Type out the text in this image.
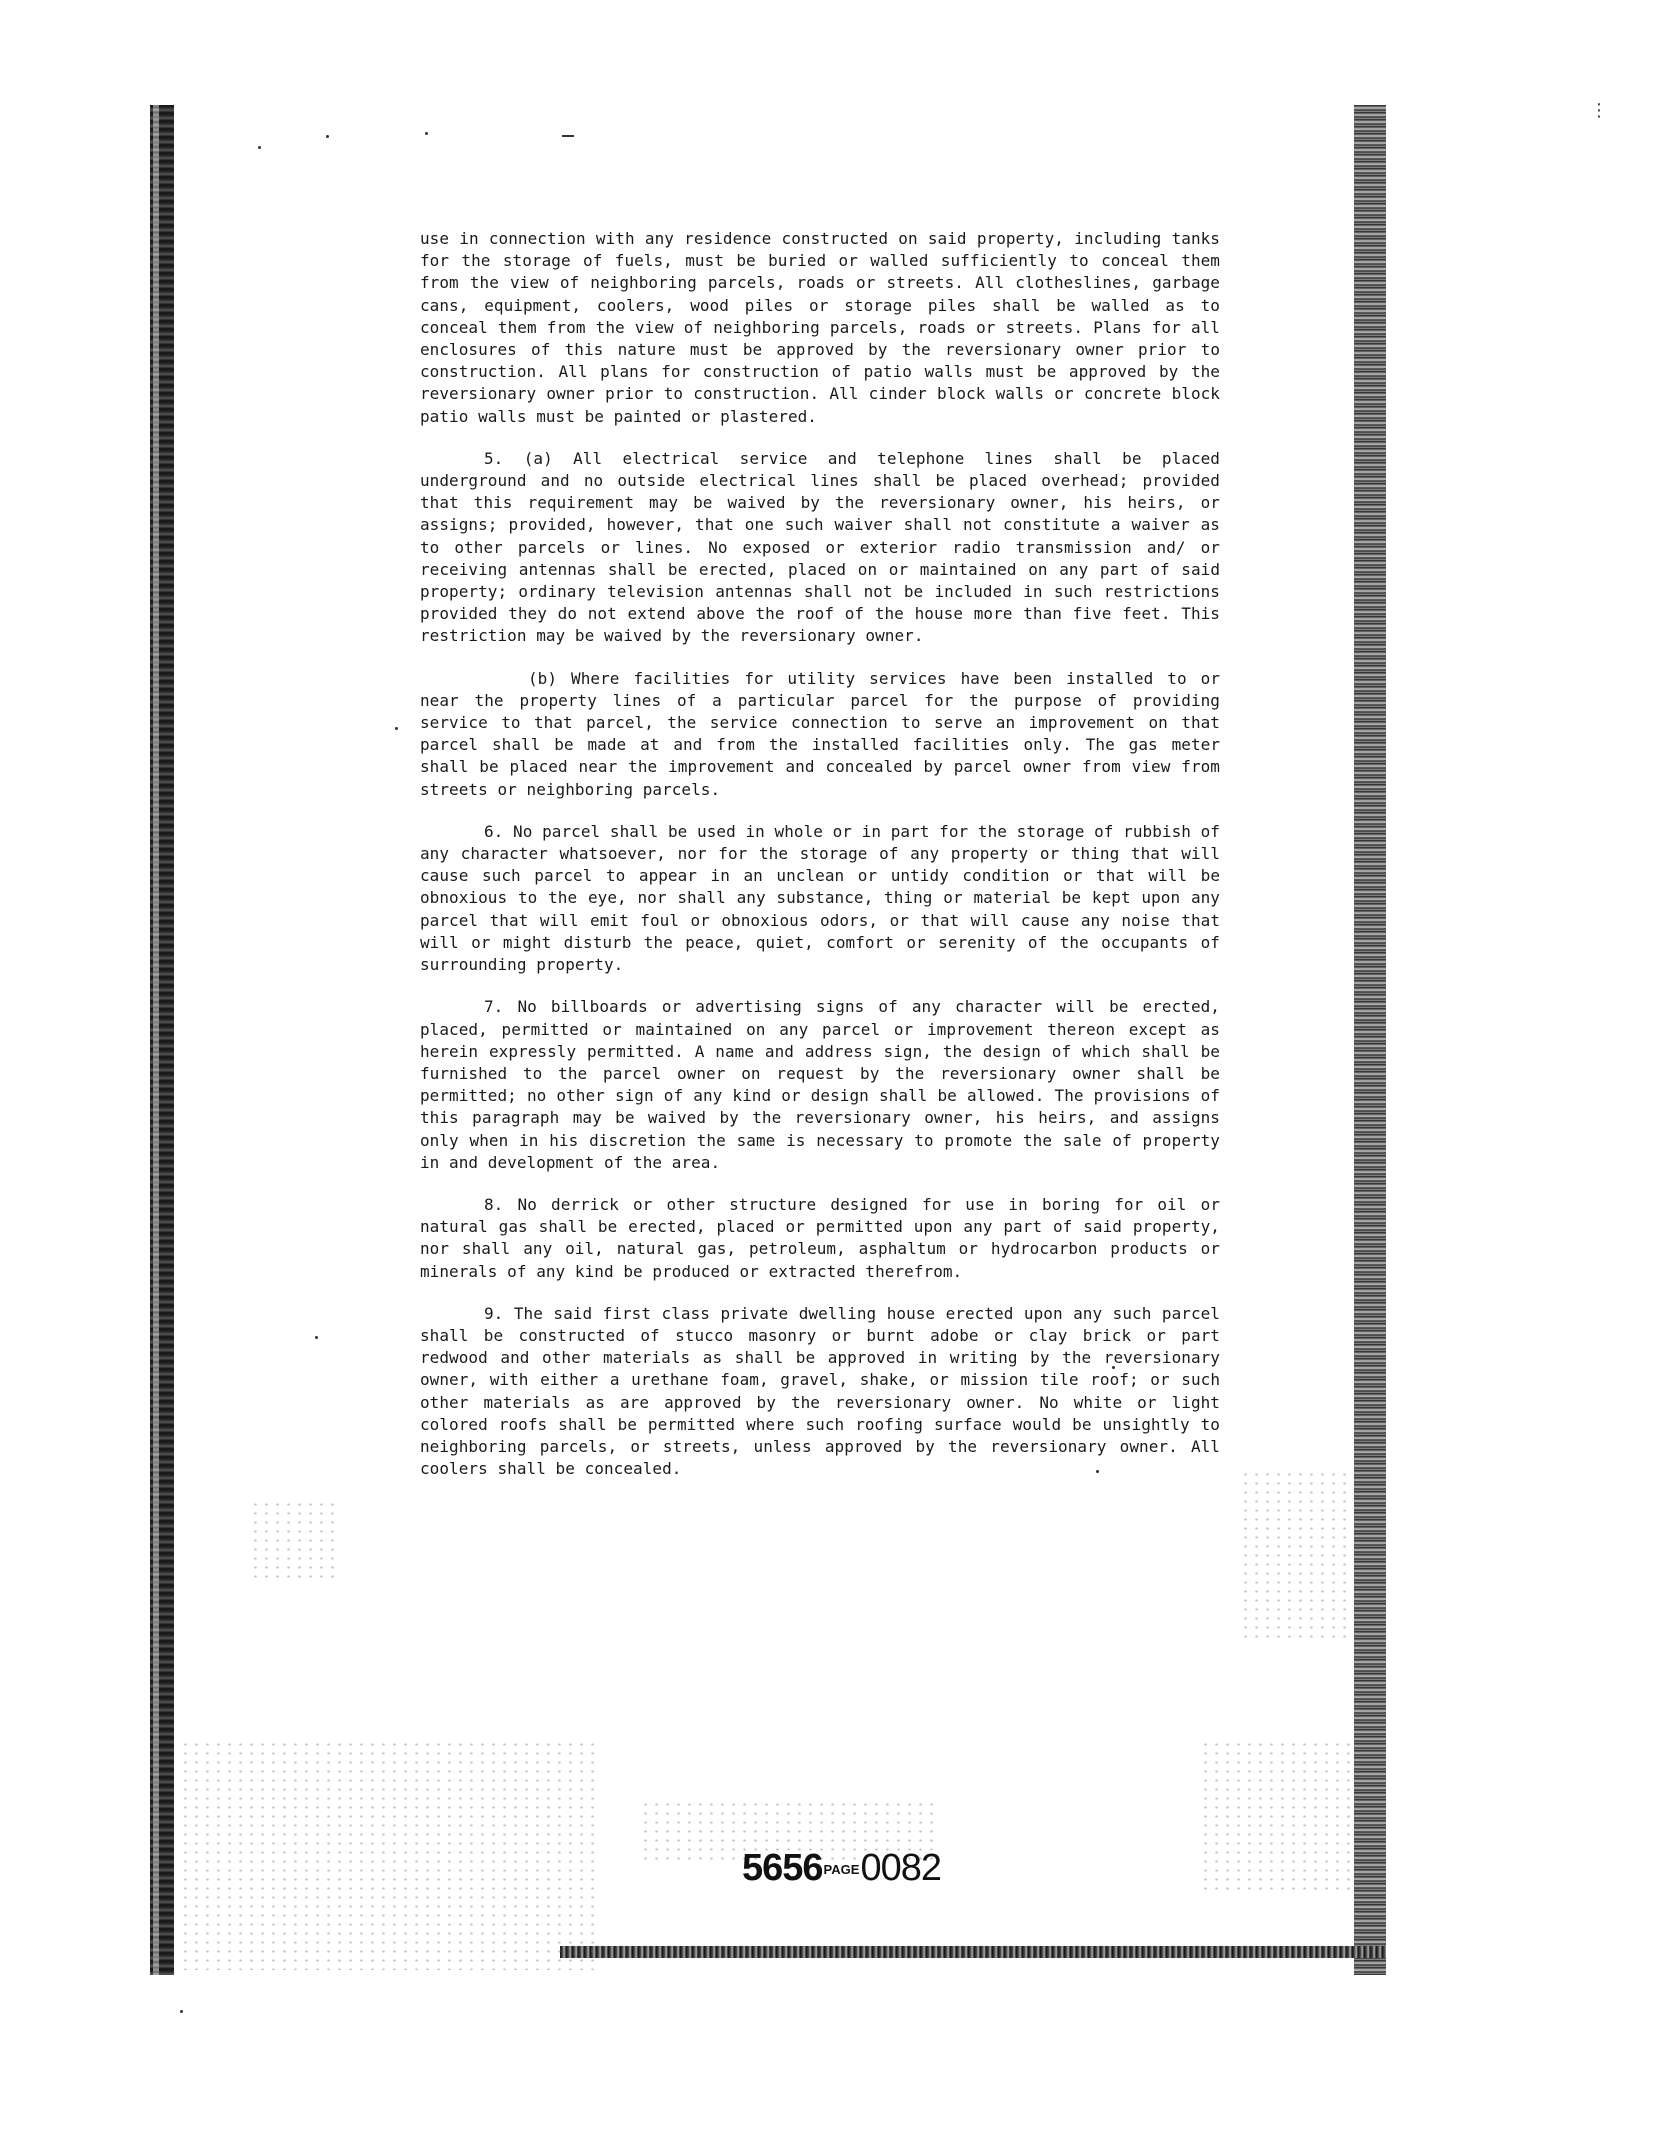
⋮

use in connection with any residence constructed on said property, including tanks for the storage of fuels, must be buried or walled sufficiently to conceal them from the view of neighboring parcels, roads or streets. All clotheslines, garbage cans, equipment, coolers, wood piles or storage piles shall be walled as to conceal them from the view of neighboring parcels, roads or streets. Plans for all enclosures of this nature must be approved by the reversionary owner prior to construction. All plans for construction of patio walls must be approved by the reversionary owner prior to construction. All cinder block walls or concrete block patio walls must be painted or plastered.

5. (a) All electrical service and telephone lines shall be placed underground and no outside electrical lines shall be placed overhead; provided that this requirement may be waived by the reversionary owner, his heirs, or assigns; provided, however, that one such waiver shall not constitute a waiver as to other parcels or lines. No exposed or exterior radio transmission and/ or receiving antennas shall be erected, placed on or maintained on any part of said property; ordinary television antennas shall not be included in such restrictions provided they do not extend above the roof of the house more than five feet. This restriction may be waived by the reversionary owner.

(b) Where facilities for utility services have been installed to or near the property lines of a particular parcel for the purpose of providing service to that parcel, the service connection to serve an improvement on that parcel shall be made at and from the installed facilities only. The gas meter shall be placed near the improvement and concealed by parcel owner from view from streets or neighboring parcels.

6. No parcel shall be used in whole or in part for the storage of rubbish of any character whatsoever, nor for the storage of any property or thing that will cause such parcel to appear in an unclean or untidy condition or that will be obnoxious to the eye, nor shall any substance, thing or material be kept upon any parcel that will emit foul or obnoxious odors, or that will cause any noise that will or might disturb the peace, quiet, comfort or serenity of the occupants of surrounding property.

7. No billboards or advertising signs of any character will be erected, placed, permitted or maintained on any parcel or improvement thereon except as herein expressly permitted. A name and address sign, the design of which shall be furnished to the parcel owner on request by the reversionary owner shall be permitted; no other sign of any kind or design shall be allowed. The provisions of this paragraph may be waived by the reversionary owner, his heirs, and assigns only when in his discretion the same is necessary to promote the sale of property in and development of the area.

8. No derrick or other structure designed for use in boring for oil or natural gas shall be erected, placed or permitted upon any part of said property, nor shall any oil, natural gas, petroleum, asphaltum or hydrocarbon products or minerals of any kind be produced or extracted therefrom.

9. The said first class private dwelling house erected upon any such parcel shall be constructed of stucco masonry or burnt adobe or clay brick or part redwood and other materials as shall be approved in writing by the reversionary owner, with either a urethane foam, gravel, shake, or mission tile roof; or such other materials as are approved by the reversionary owner. No white or light colored roofs shall be permitted where such roofing surface would be unsightly to neighboring parcels, or streets, unless approved by the reversionary owner. All coolers shall be concealed.

5656PAGE0082
